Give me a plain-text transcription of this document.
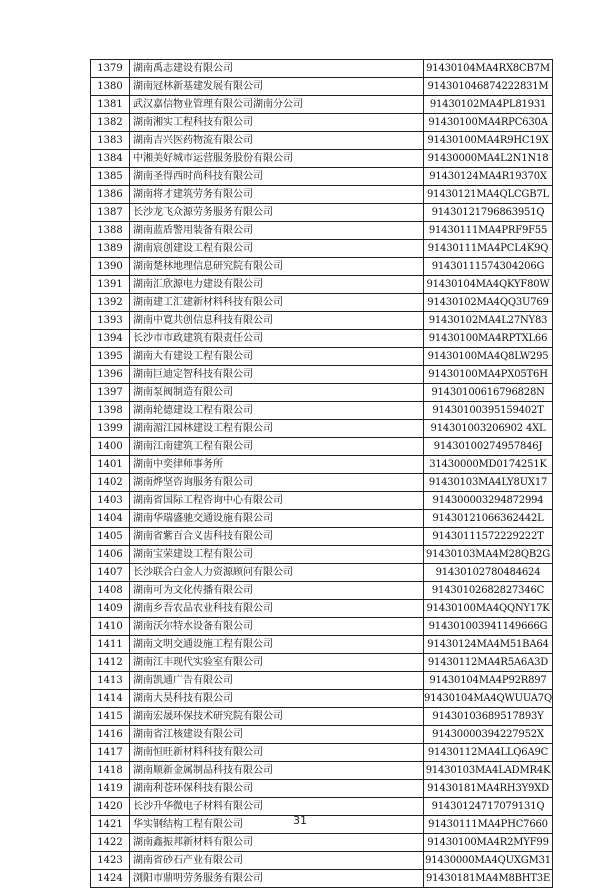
1379	湖南禹志建设有限公司	91430104MA4RX8CB7M
1380	湖南冠林新基建发展有限公司	914301046874222831M
1381	武汉嘉信物业管理有限公司湖南分公司	91430102MA4PL81931
1382	湖南湘实工程科技有限公司	91430100MA4RPC630A
1383	湖南吉兴医药物流有限公司	91430100MA4R9HC19X
1384	中湘美好城市运营服务股份有限公司	91430000MA4L2N1N18
1385	湖南圣得西时尚科技有限公司	91430124MA4R19370X
1386	湖南将才建筑劳务有限公司	91430121MA4QLCGB7L
1387	长沙龙飞众源劳务服务有限公司	91430121796863951Q
1388	湖南蓝盾警用装备有限公司	91430111MA4PRF9F55
1389	湖南宸创建设工程有限公司	91430111MA4PCL4K9Q
1390	湖南楚林地理信息研究院有限公司	91430111574304206G
1391	湖南汇欣源电力建设有限公司	91430104MA4QKYF80W
1392	湖南建工汇建新材料科技有限公司	91430102MA4QQ3U769
1393	湖南中寛共创信息科技有限公司	91430102MA4L27NY83
1394	长沙市市政建筑有限责任公司	91430100MA4RPTXL66
1395	湖南大有建设工程有限公司	91430100MA4Q8LW295
1396	湖南巨迪定智科技有限公司	91430100MA4PX05T6H
1397	湖南泵阀制造有限公司	91430100616796828N
1398	湖南轮德建设工程有限公司	91430100395159402T
1399	湖南湄江园林建设工程有限公司	914301003206902 4XL
1400	湖南江南建筑工程有限公司	91430100274957846J
1401	湖南中奕律师事务所	31430000MD0174251K
1402	湖南烨坚咨询服务有限公司	91430103MA4LY8UX17
1403	湖南省国际工程咨询中心有限公司	914300003294872994
1404	湖南华瑞盛驰交通设施有限公司	91430121066362442L
1405	湖南省紫百合义齿科技有限公司	91430111572229222T
1406	湖南宝荣建设工程有限公司	91430103MA4M28QB2G
1407	长沙联合白金人力资源顾问有限公司	91430102780484624
1408	湖南可为文化传播有限公司	91430102682827346C
1409	湖南乡吾农品农业科技有限公司	91430100MA4QQNY17K
1410	湖南沃尔特水设备有限公司	914301003941149666G
1411	湖南文明交通设施工程有限公司	91430124MA4M51BA64
1412	湖南江丰现代实验室有限公司	91430112MA4R5A6A3D
1413	湖南凯通广告有限公司	91430104MA4P92R897
1414	湖南大昊科技有限公司	91430104MA4QWUUA7Q
1415	湖南宏晟环保技术研究院有限公司	91430103689517893Y
1416	湖南省江核建设有限公司	91430000394227952X
1417	湖南恒旺新材料科技有限公司	91430112MA4LLQ6A9C
1418	湖南顺新金属制品科技有限公司	91430103MA4LADMR4K
1419	湖南利苍环保科技有限公司	91430181MA4RH3Y9XD
1420	长沙升华微电子材料有限公司	91430124717079131Q
1421	华实钢结构工程有限公司	91430111MA4PHC7660
1422	湖南鑫振邦新材料有限公司	91430100MA4R2MYF99
1423	湖南省砂石产业有限公司	91430000MA4QUXGM31
1424	浏阳市鼎明劳务服务有限公司	91430181MA4M8BHT3E
31
